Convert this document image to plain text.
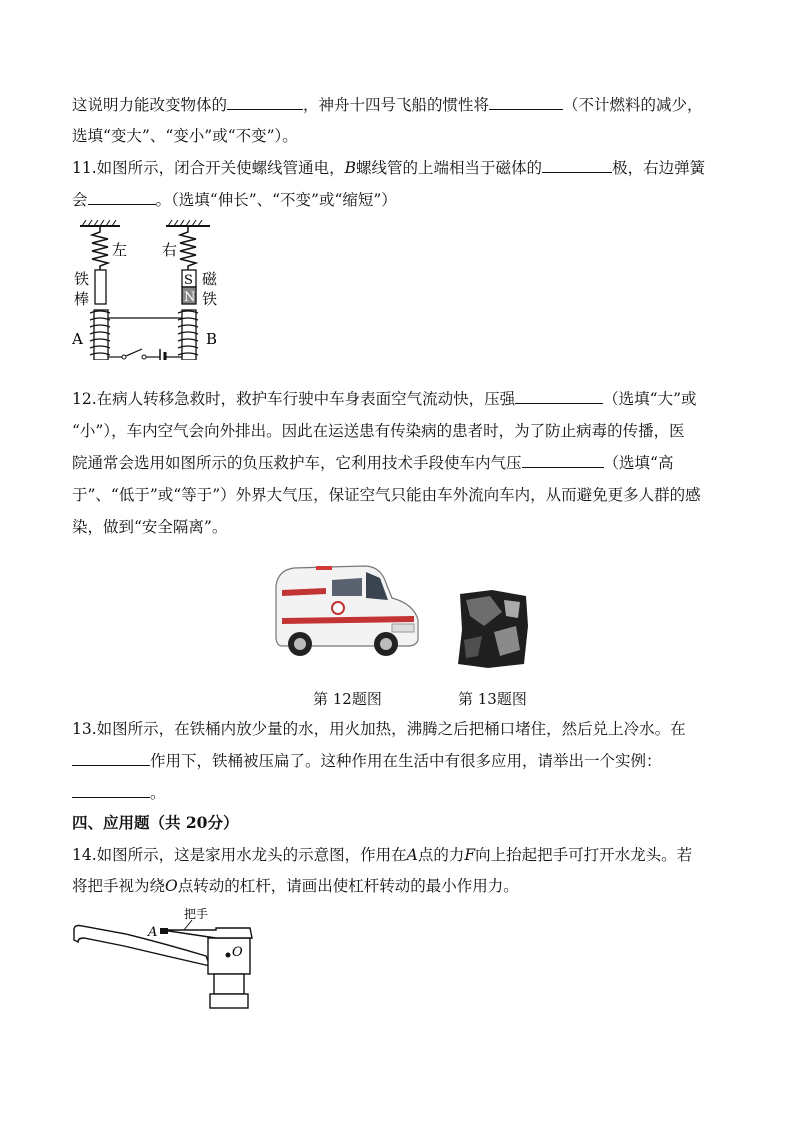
这说明力能改变物体的	，神舟十四号飞船的惯性将	（不计燃料的减少，
选填“变大”、“变小”或“不变”）。
11.如图所示，闭合开关使螺线管通电，B螺线管的上端相当于磁体的	极，右边弹簧
会	。（选填“伸长”、“不变”或“缩短”）
左 右
铁
棒
S
N
磁
铁
A	B
12.在病人转移急救时，救护车行驶中车身表面空气流动快，压强	（选填“大”或
“小”），车内空气会向外排出。因此在运送患有传染病的患者时，为了防止病毒的传播，医
院通常会选用如图所示的负压救护车，它利用技术手段使车内气压	（选填“高
于”、“低于”或“等于”）外界大气压，保证空气只能由车外流向车内，从而避免更多人群的感
染，做到“安全隔离”。
第 12题图	第 13题图
13.如图所示，在铁桶内放少量的水，用火加热，沸腾之后把桶口堵住，然后兑上冷水。在
作用下，铁桶被压扁了。这种作用在生活中有很多应用，请举出一个实例：
。
四、应用题（共 20分）
14.如图所示，这是家用水龙头的示意图，作用在A点的力F向上抬起把手可打开水龙头。若
将把手视为绕O点转动的杠杆，请画出使杠杆转动的最小作用力。
把手
A
O
